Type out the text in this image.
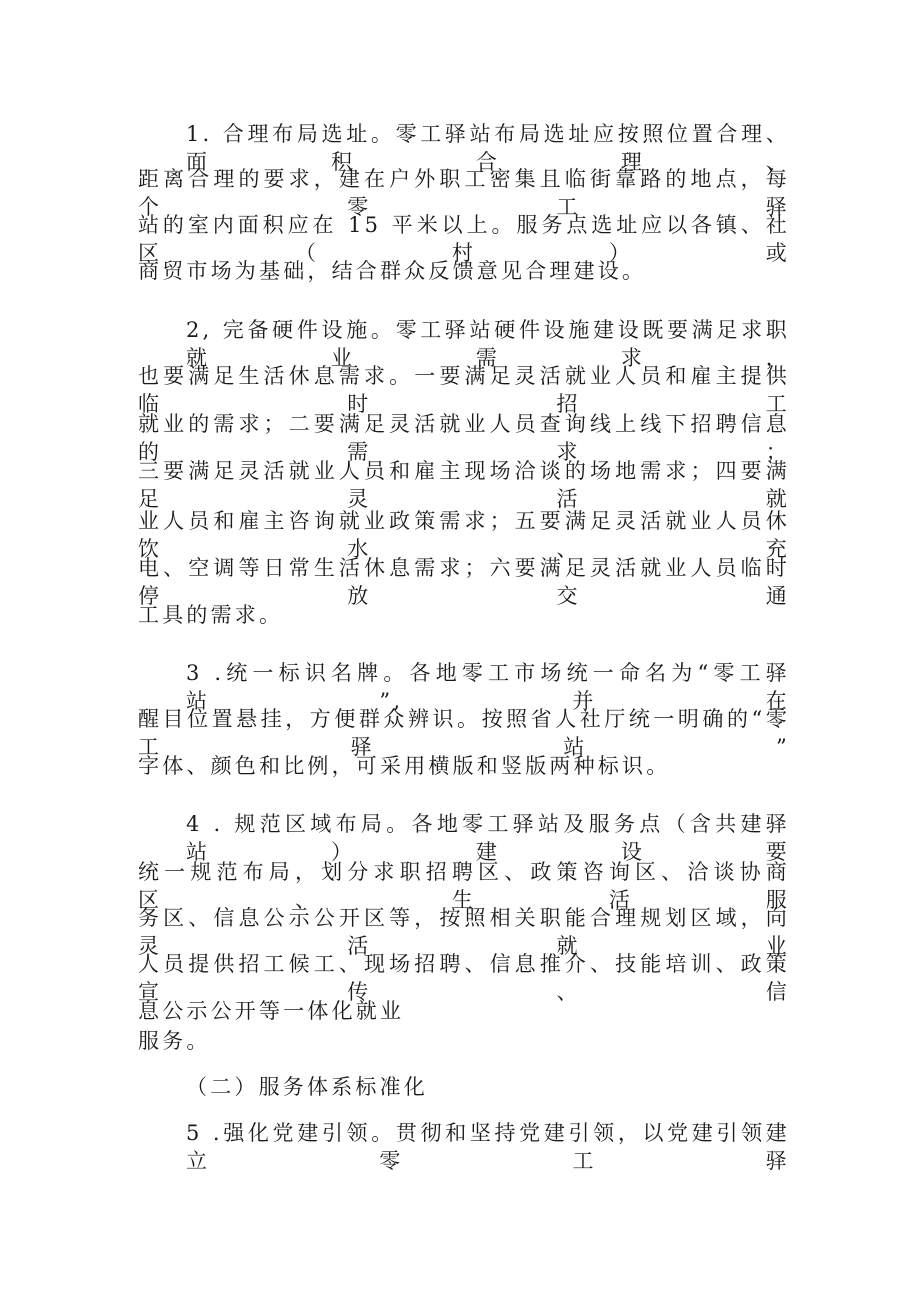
1. 合理布局选址。零工驿站布局选址应按照位置合理、面积合理、
距离合理的要求，建在户外职工密集且临街靠路的地点，每个零工驿
站的室内面积应在 15 平米以上。服务点选址应以各镇、社区（村）或
商贸市场为基础，结合群众反馈意见合理建设。
2, 完备硬件设施。零工驿站硬件设施建设既要满足求职就业需求，
也要满足生活休息需求。一要满足灵活就业人员和雇主提供临时招工
就业的需求；二要满足灵活就业人员查询线上线下招聘信息的需求；
三要满足灵活就业人员和雇主现场洽谈的场地需求；四要满足灵活就
业人员和雇主咨询就业政策需求；五要满足灵活就业人员休饮水、充
电、空调等日常生活休息需求；六要满足灵活就业人员临时停放交通
工具的需求。
3 .统一标识名牌。各地零工市场统一命名为“零工驿站”,并在
醒目位置悬挂，方便群众辨识。按照省人社厅统一明确的“零工驿站”
字体、颜色和比例，可采用横版和竖版两种标识。
4 . 规范区域布局。各地零工驿站及服务点（含共建驿站）建设要
统一规范布局，划分求职招聘区、政策咨询区、洽谈协商区、生活服
务区、信息公示公开区等，按照相关职能合理规划区域，向灵活就业
人员提供招工候工、现场招聘、信息推介、技能培训、政策宣传、信
息公示公开等一体化就业
服务。
（二）服务体系标准化
5 .强化党建引领。贯彻和坚持党建引领，以党建引领建立零工驿
